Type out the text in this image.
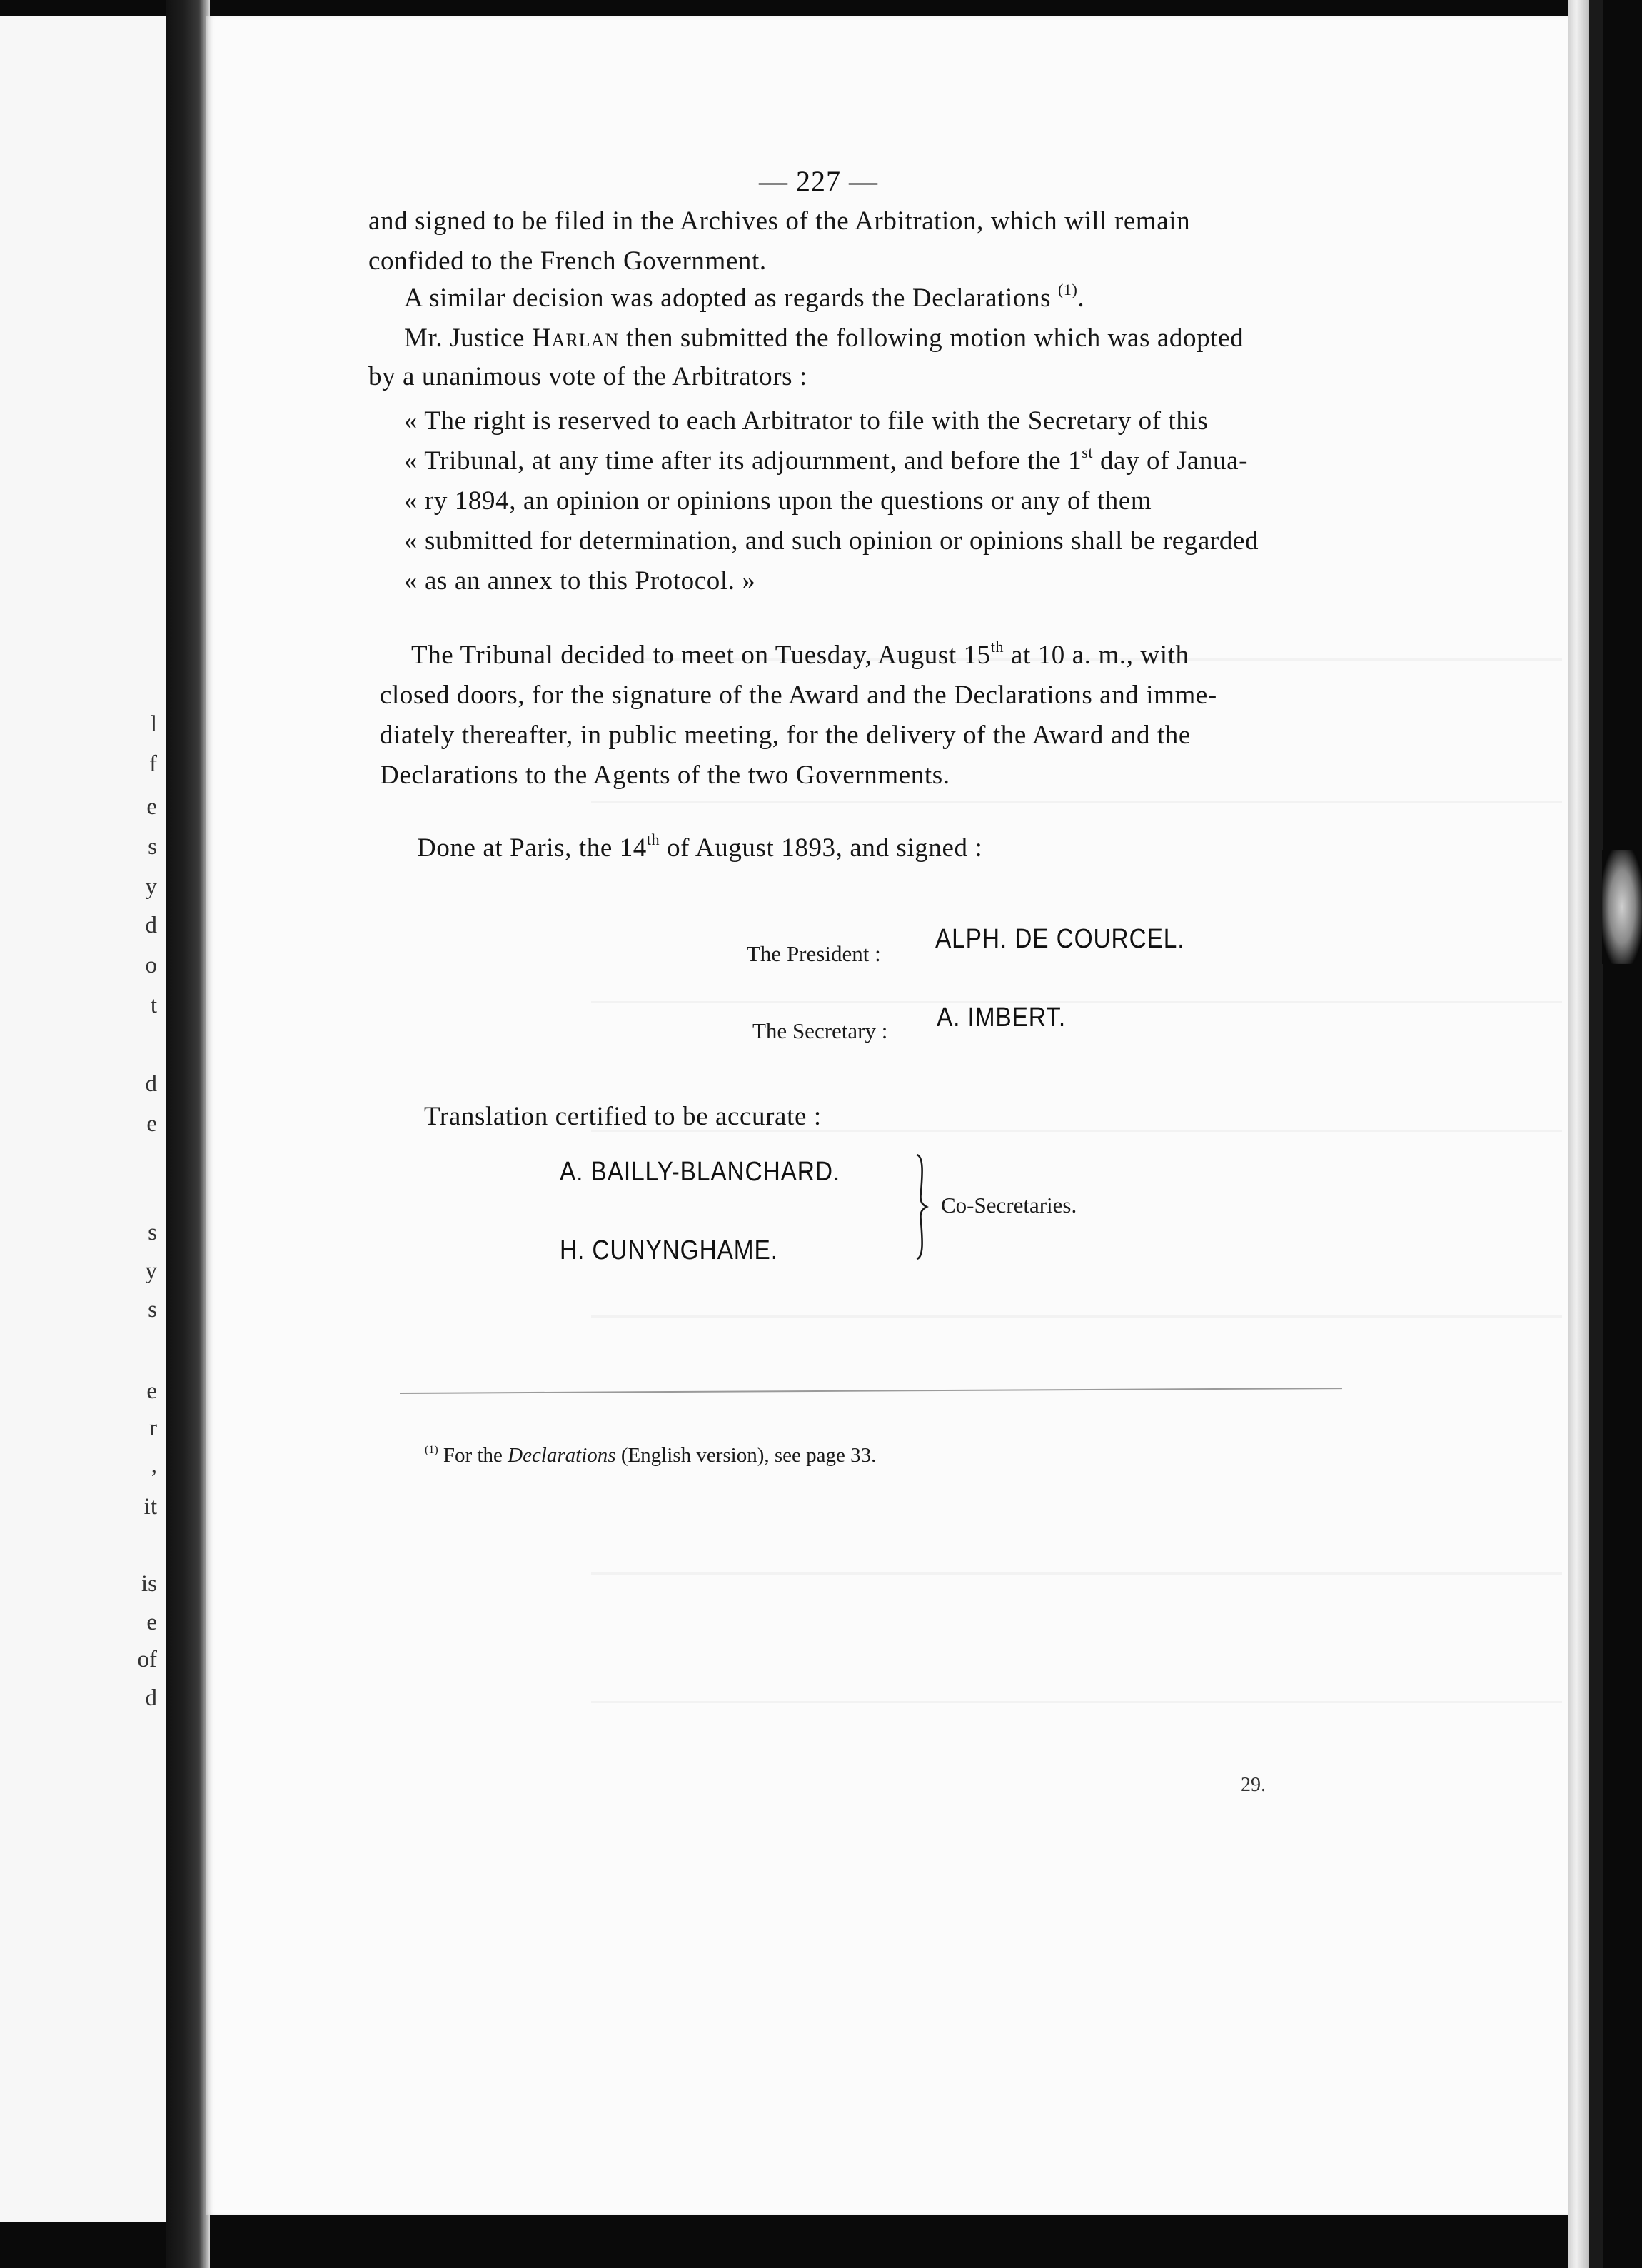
l
f
e
s
y
d
o
t
d
e
s
y
s
e
r
,
it
is
e
of
d
— 227 —
and signed to be filed in the Archives of the Arbitration, which will remain
confided to the French Government.
A similar decision was adopted as regards the Declarations $^{(1)}$.
Mr. Justice Harlan then submitted the following motion which was adopted
by a unanimous vote of the Arbitrators :
« The right is reserved to each Arbitrator to file with the Secretary of this
« Tribunal, at any time after its adjournment, and before the 1st day of Janua-
« ry 1894, an opinion or opinions upon the questions or any of them
« submitted for determination, and such opinion or opinions shall be regarded
« as an annex to this Protocol. »
The Tribunal decided to meet on Tuesday, August 15th at 10 a. m., with
closed doors, for the signature of the Award and the Declarations and imme-
diately thereafter, in public meeting, for the delivery of the Award and the
Declarations to the Agents of the two Governments.
Done at Paris, the 14th of August 1893, and signed :
The President : ALPH. DE COURCEL.
The Secretary : A. IMBERT.
Translation certified to be accurate :
A. BAILLY-BLANCHARD.
H. CUNYNGHAME.
Co-Secretaries.
$^{(1)}$ For the Declarations (English version), see page 33.
29.
